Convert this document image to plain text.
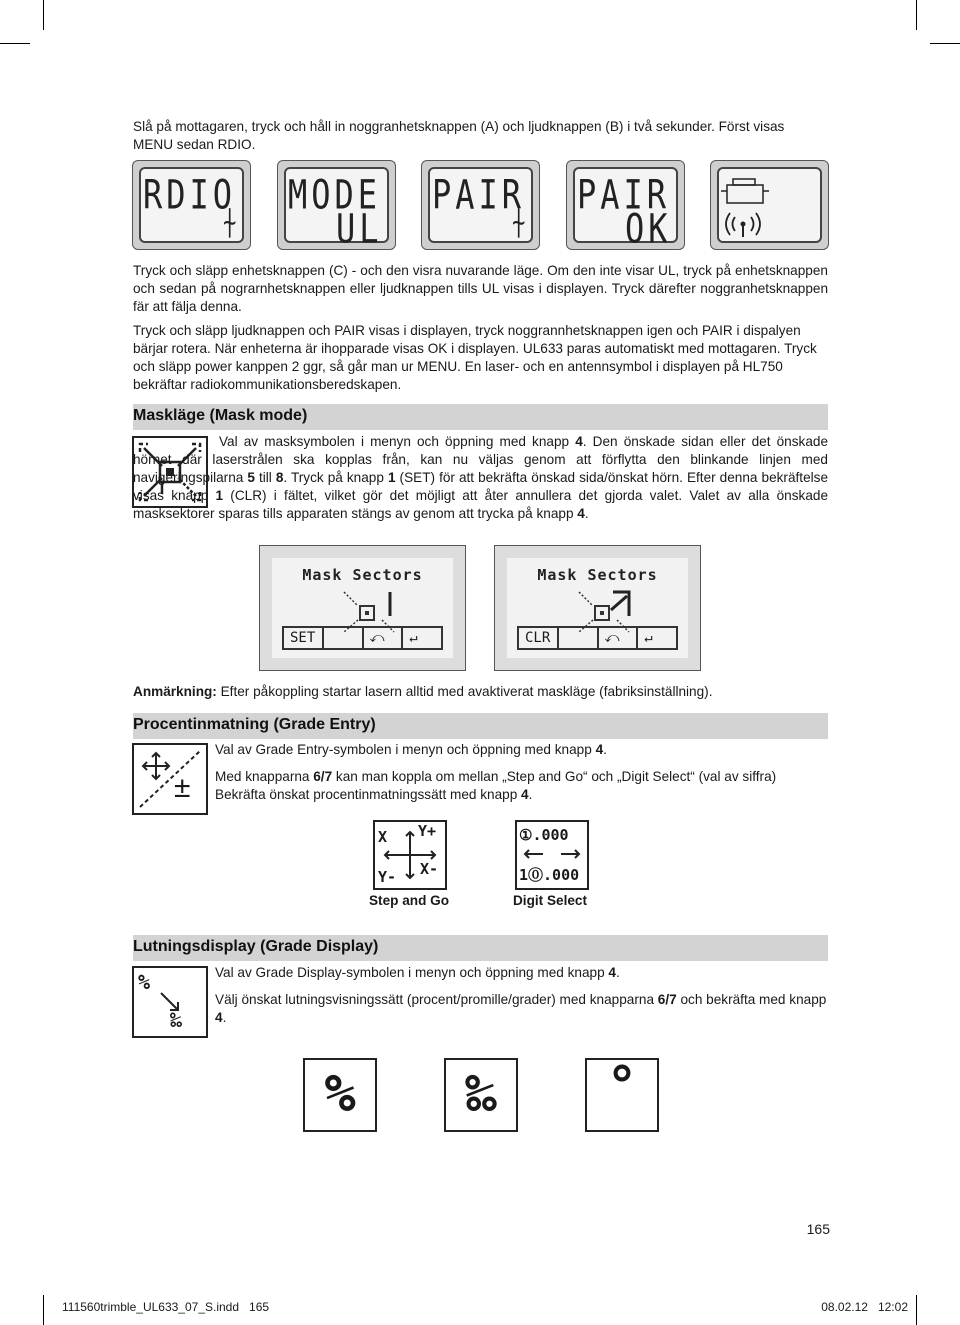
Slå på mottagaren, tryck och håll in noggranhetsknappen (A) och ljudknappen (B) i två sekunder. Först visas MENU sedan RDIO.

RDIO
⍭
MODE
UL
PAIR
⍭
PAIR
OK

Tryck och släpp enhetsknappen (C) - och den visra nuvarande läge. Om den inte visar UL, tryck på enhetsknappen och sedan på nograrnhetsknappen eller ljudknappen tills UL visas i displayen. Tryck därefter noggranhetsknappen fär att fälja denna.

Tryck och släpp ljudknappen och PAIR visas i displayen, tryck noggrannhetsknappen igen och PAIR i dispalyen bärjar rotera. När enheterna är ihopparade visas OK i displayen. UL633 paras automatiskt med mottagaren. Tryck och släpp power kanppen 2 ggr, så går man ur MENU. En laser- och en antennsymbol i displayen på HL750 bekräftar radiokommunikationsberedskapen.

Maskläge (Mask mode)

Val av masksymbolen i menyn och öppning med knapp 4. Den önskade sidan eller det önskade hörnet där laserstrålen ska kopplas från, kan nu väljas genom att förflytta den blinkande linjen med navigeringspilarna 5 till 8. Tryck på knapp 1 (SET) för att bekräfta önskad sida/önskat hörn. Efter denna bekräftelse visas knapp 1 (CLR) i fältet, vilket gör det möjligt att åter annullera det gjorda valet. Valet av alla önskade masksektorer sparas tills apparaten stängs av genom att trycka på knapp 4.

Mask Sectors
SET	⤺	↵
Mask Sectors
CLR	⤺	↵

Anmärkning: Efter påkoppling startar lasern alltid med avaktiverat maskläge (fabriksinställning).

Procentinmatning (Grade Entry)
±

Val av Grade Entry-symbolen i menyn och öppning med knapp 4.

Med knapparna 6/7 kan man koppla om mellan „Step and Go“ och „Digit Select“ (val av siffra) Bekräfta önskat procentinmatningssätt med knapp 4.

X Y+
X-
Y-
Step and Go
①.000
1⓪.000
Digit Select
Lutningsdisplay (Grade Display)
%
‰

Val av Grade Display-symbolen i menyn och öppning med knapp 4.

Välj önskat lutningsvisningssätt (procent/promille/grader) med knapparna 6/7 och bekräfta med knapp 4.

%	‰	°
165
111560trimble_UL633_07_S.indd   165	08.02.12   12:02
